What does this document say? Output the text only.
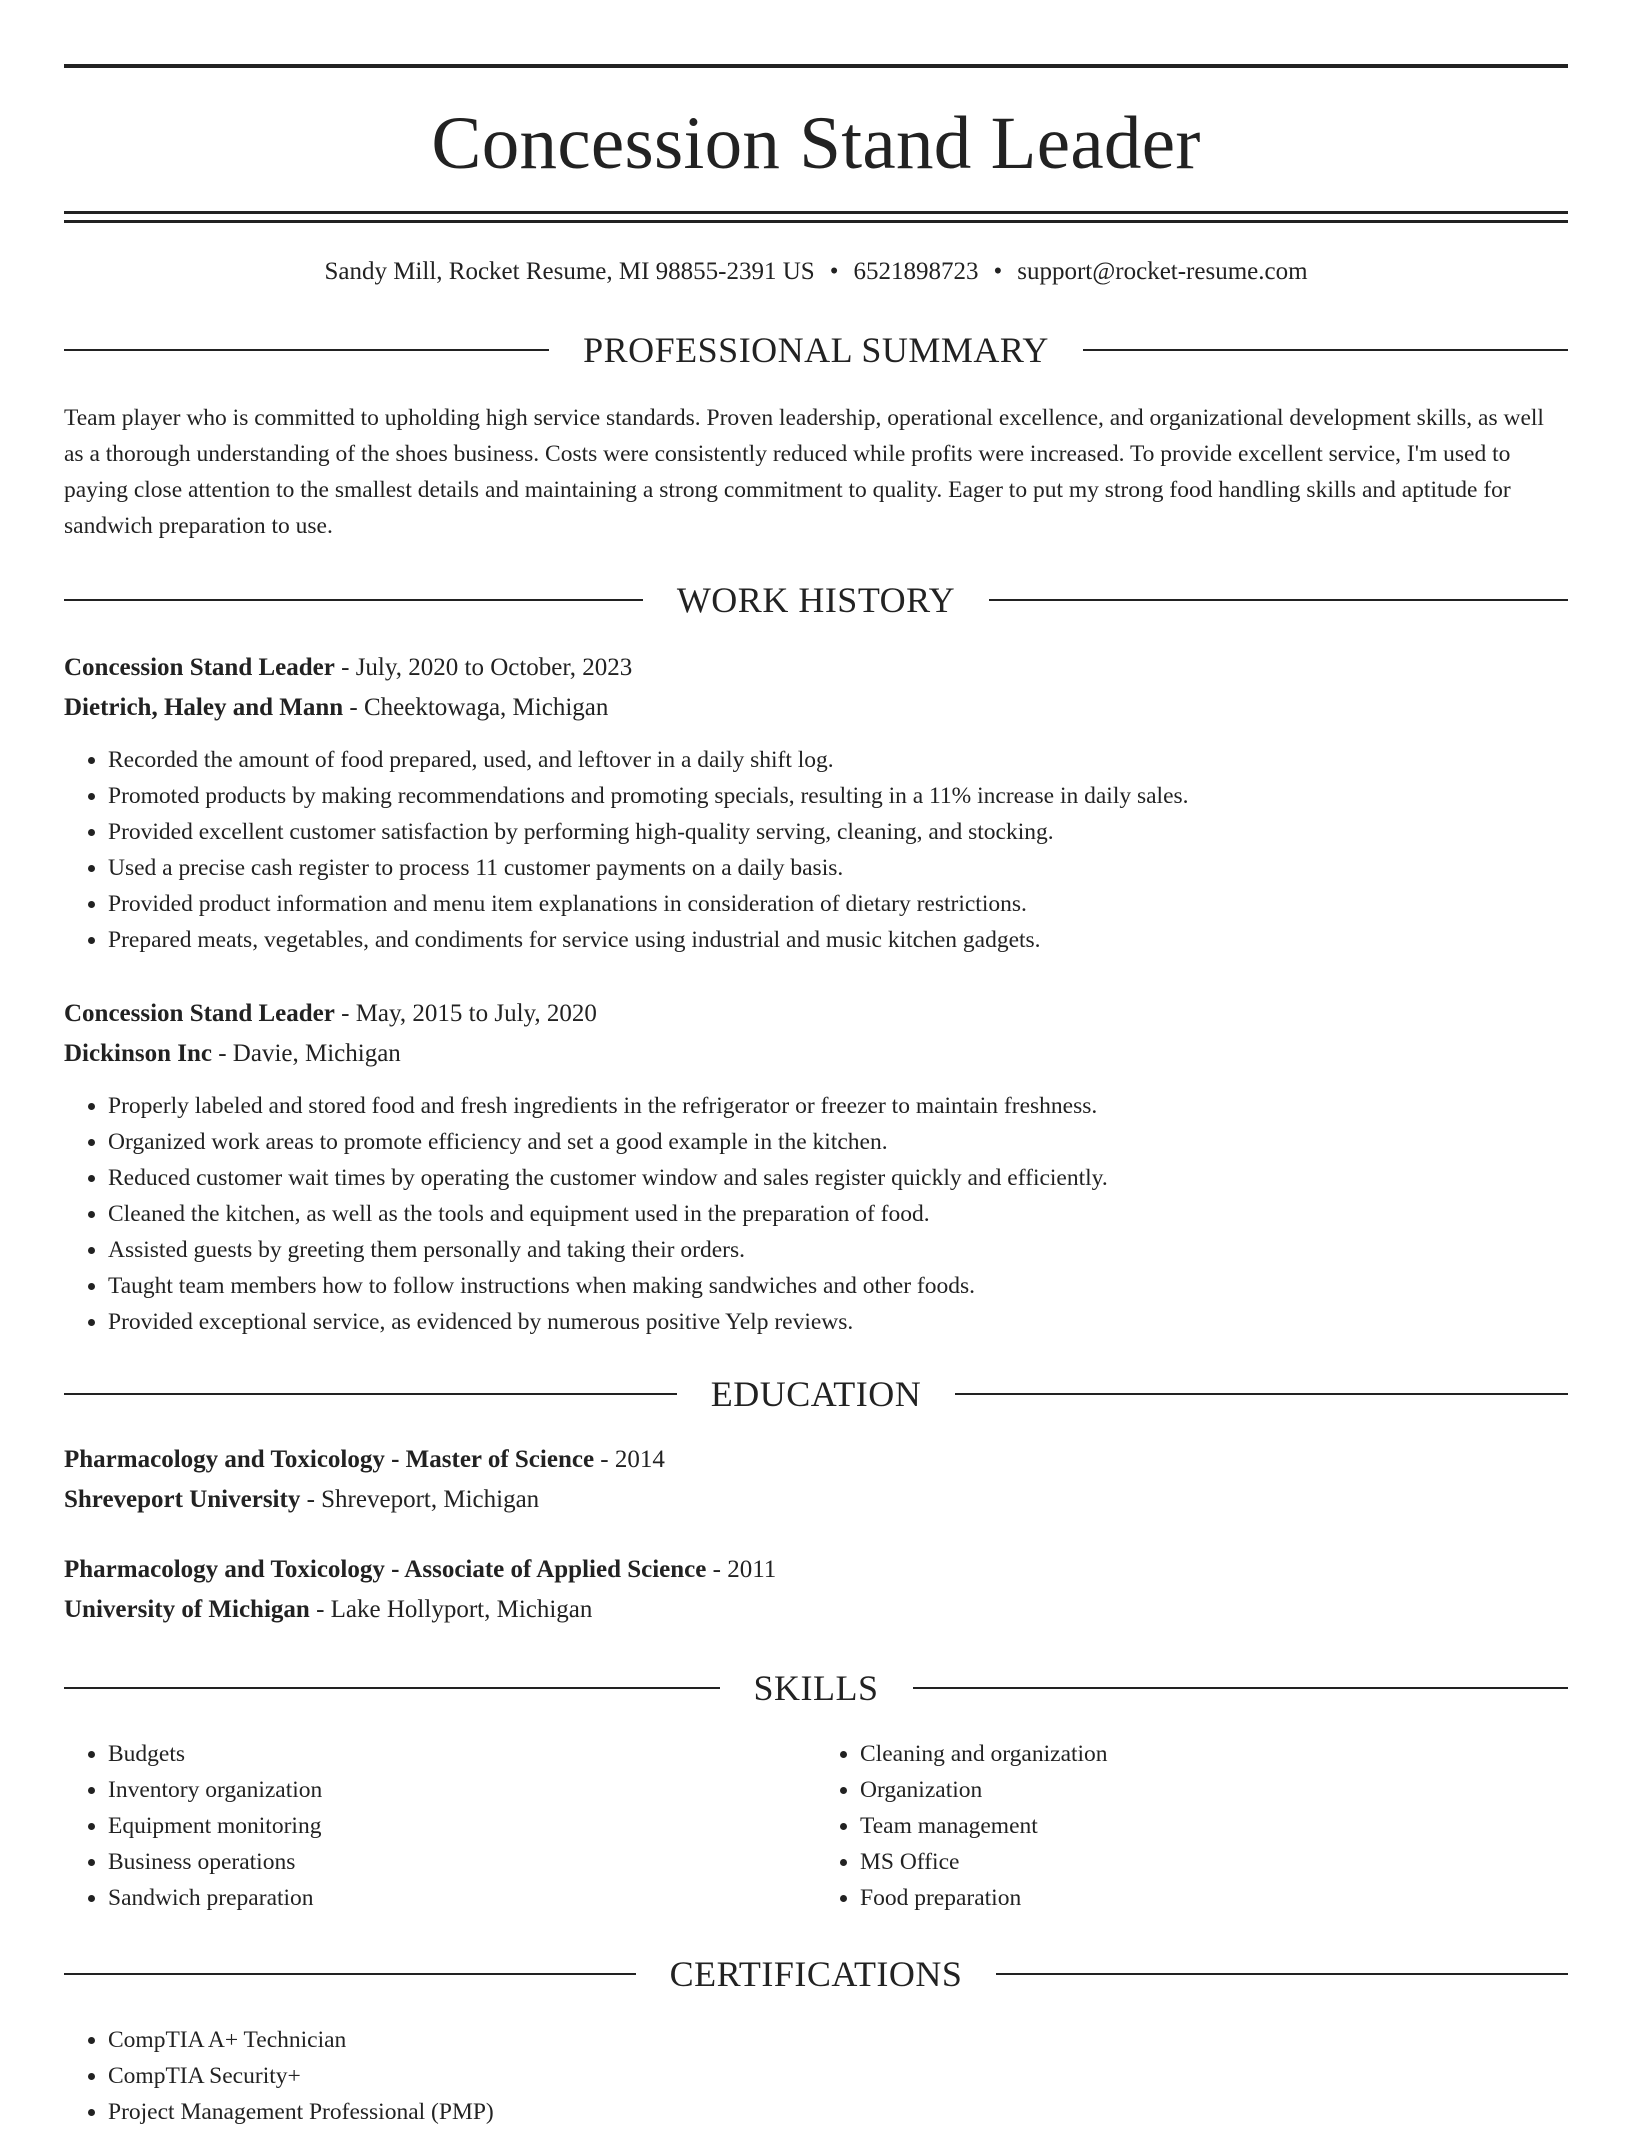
Concession Stand Leader
Sandy Mill, Rocket Resume, MI 98855-2391 US • 6521898723 • support@rocket-resume.com
PROFESSIONAL SUMMARY
Team player who is committed to upholding high service standards. Proven leadership, operational excellence, and organizational development skills, as well as a thorough understanding of the shoes business. Costs were consistently reduced while profits were increased. To provide excellent service, I'm used to paying close attention to the smallest details and maintaining a strong commitment to quality. Eager to put my strong food handling skills and aptitude for sandwich preparation to use.
WORK HISTORY
Concession Stand Leader - July, 2020 to October, 2023
Dietrich, Haley and Mann - Cheektowaga, Michigan
• Recorded the amount of food prepared, used, and leftover in a daily shift log.
• Promoted products by making recommendations and promoting specials, resulting in a 11% increase in daily sales.
• Provided excellent customer satisfaction by performing high-quality serving, cleaning, and stocking.
• Used a precise cash register to process 11 customer payments on a daily basis.
• Provided product information and menu item explanations in consideration of dietary restrictions.
• Prepared meats, vegetables, and condiments for service using industrial and music kitchen gadgets.
Concession Stand Leader - May, 2015 to July, 2020
Dickinson Inc - Davie, Michigan
• Properly labeled and stored food and fresh ingredients in the refrigerator or freezer to maintain freshness.
• Organized work areas to promote efficiency and set a good example in the kitchen.
• Reduced customer wait times by operating the customer window and sales register quickly and efficiently.
• Cleaned the kitchen, as well as the tools and equipment used in the preparation of food.
• Assisted guests by greeting them personally and taking their orders.
• Taught team members how to follow instructions when making sandwiches and other foods.
• Provided exceptional service, as evidenced by numerous positive Yelp reviews.
EDUCATION
Pharmacology and Toxicology - Master of Science - 2014
Shreveport University - Shreveport, Michigan
Pharmacology and Toxicology - Associate of Applied Science - 2011
University of Michigan - Lake Hollyport, Michigan
SKILLS
• Budgets
• Inventory organization
• Equipment monitoring
• Business operations
• Sandwich preparation
• Cleaning and organization
• Organization
• Team management
• MS Office
• Food preparation
CERTIFICATIONS
• CompTIA A+ Technician
• CompTIA Security+
• Project Management Professional (PMP)
